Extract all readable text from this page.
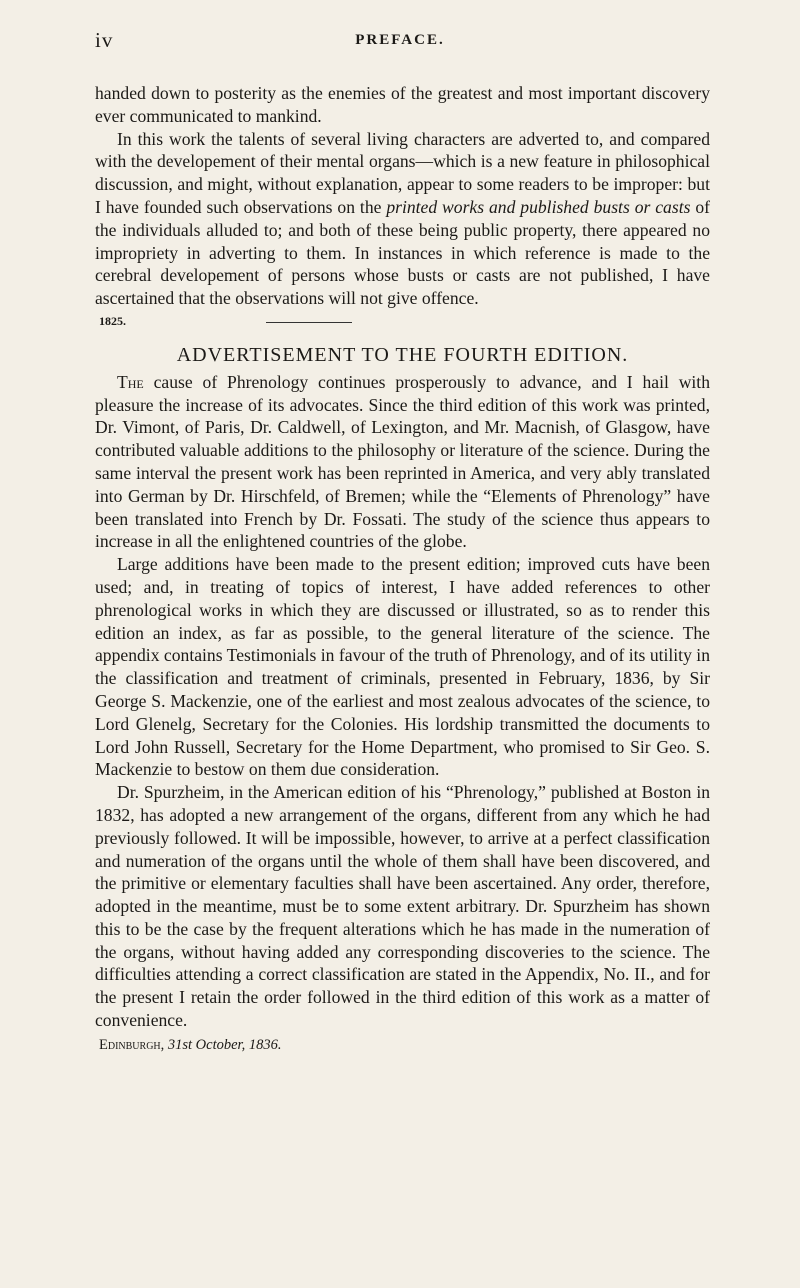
iv	PREFACE.

handed down to posterity as the enemies of the greatest and most important discovery ever communicated to mankind.

In this work the talents of several living characters are adverted to, and compared with the developement of their mental organs—which is a new feature in philosophical discussion, and might, without explanation, appear to some readers to be improper: but I have founded such observations on the printed works and published busts or casts of the individuals alluded to; and both of these being public property, there appeared no impropriety in adverting to them. In instances in which reference is made to the cerebral developement of persons whose busts or casts are not published, I have ascertained that the observations will not give offence.

1825.
ADVERTISEMENT TO THE FOURTH EDITION.

The cause of Phrenology continues prosperously to advance, and I hail with pleasure the increase of its advocates. Since the third edition of this work was printed, Dr. Vimont, of Paris, Dr. Caldwell, of Lexington, and Mr. Macnish, of Glasgow, have contributed valuable additions to the philosophy or literature of the science. During the same interval the present work has been reprinted in America, and very ably translated into German by Dr. Hirschfeld, of Bremen; while the “Elements of Phrenology” have been translated into French by Dr. Fossati. The study of the science thus appears to increase in all the enlightened countries of the globe.

Large additions have been made to the present edition; improved cuts have been used; and, in treating of topics of interest, I have added references to other phrenological works in which they are discussed or illustrated, so as to render this edition an index, as far as possible, to the general literature of the science. The appendix contains Testimonials in favour of the truth of Phrenology, and of its utility in the classification and treatment of criminals, presented in February, 1836, by Sir George S. Mackenzie, one of the earliest and most zealous advocates of the science, to Lord Glenelg, Secretary for the Colonies. His lordship transmitted the documents to Lord John Russell, Secretary for the Home Department, who promised to Sir Geo. S. Mackenzie to bestow on them due consideration.

Dr. Spurzheim, in the American edition of his “Phrenology,” published at Boston in 1832, has adopted a new arrangement of the organs, different from any which he had previously followed. It will be impossible, however, to arrive at a perfect classification and numeration of the organs until the whole of them shall have been discovered, and the primitive or elementary faculties shall have been ascertained. Any order, therefore, adopted in the meantime, must be to some extent arbitrary. Dr. Spurzheim has shown this to be the case by the frequent alterations which he has made in the numeration of the organs, without having added any corresponding discoveries to the science. The difficulties attending a correct classification are stated in the Appendix, No. II., and for the present I retain the order followed in the third edition of this work as a matter of convenience.

Edinburgh, 31st October, 1836.
